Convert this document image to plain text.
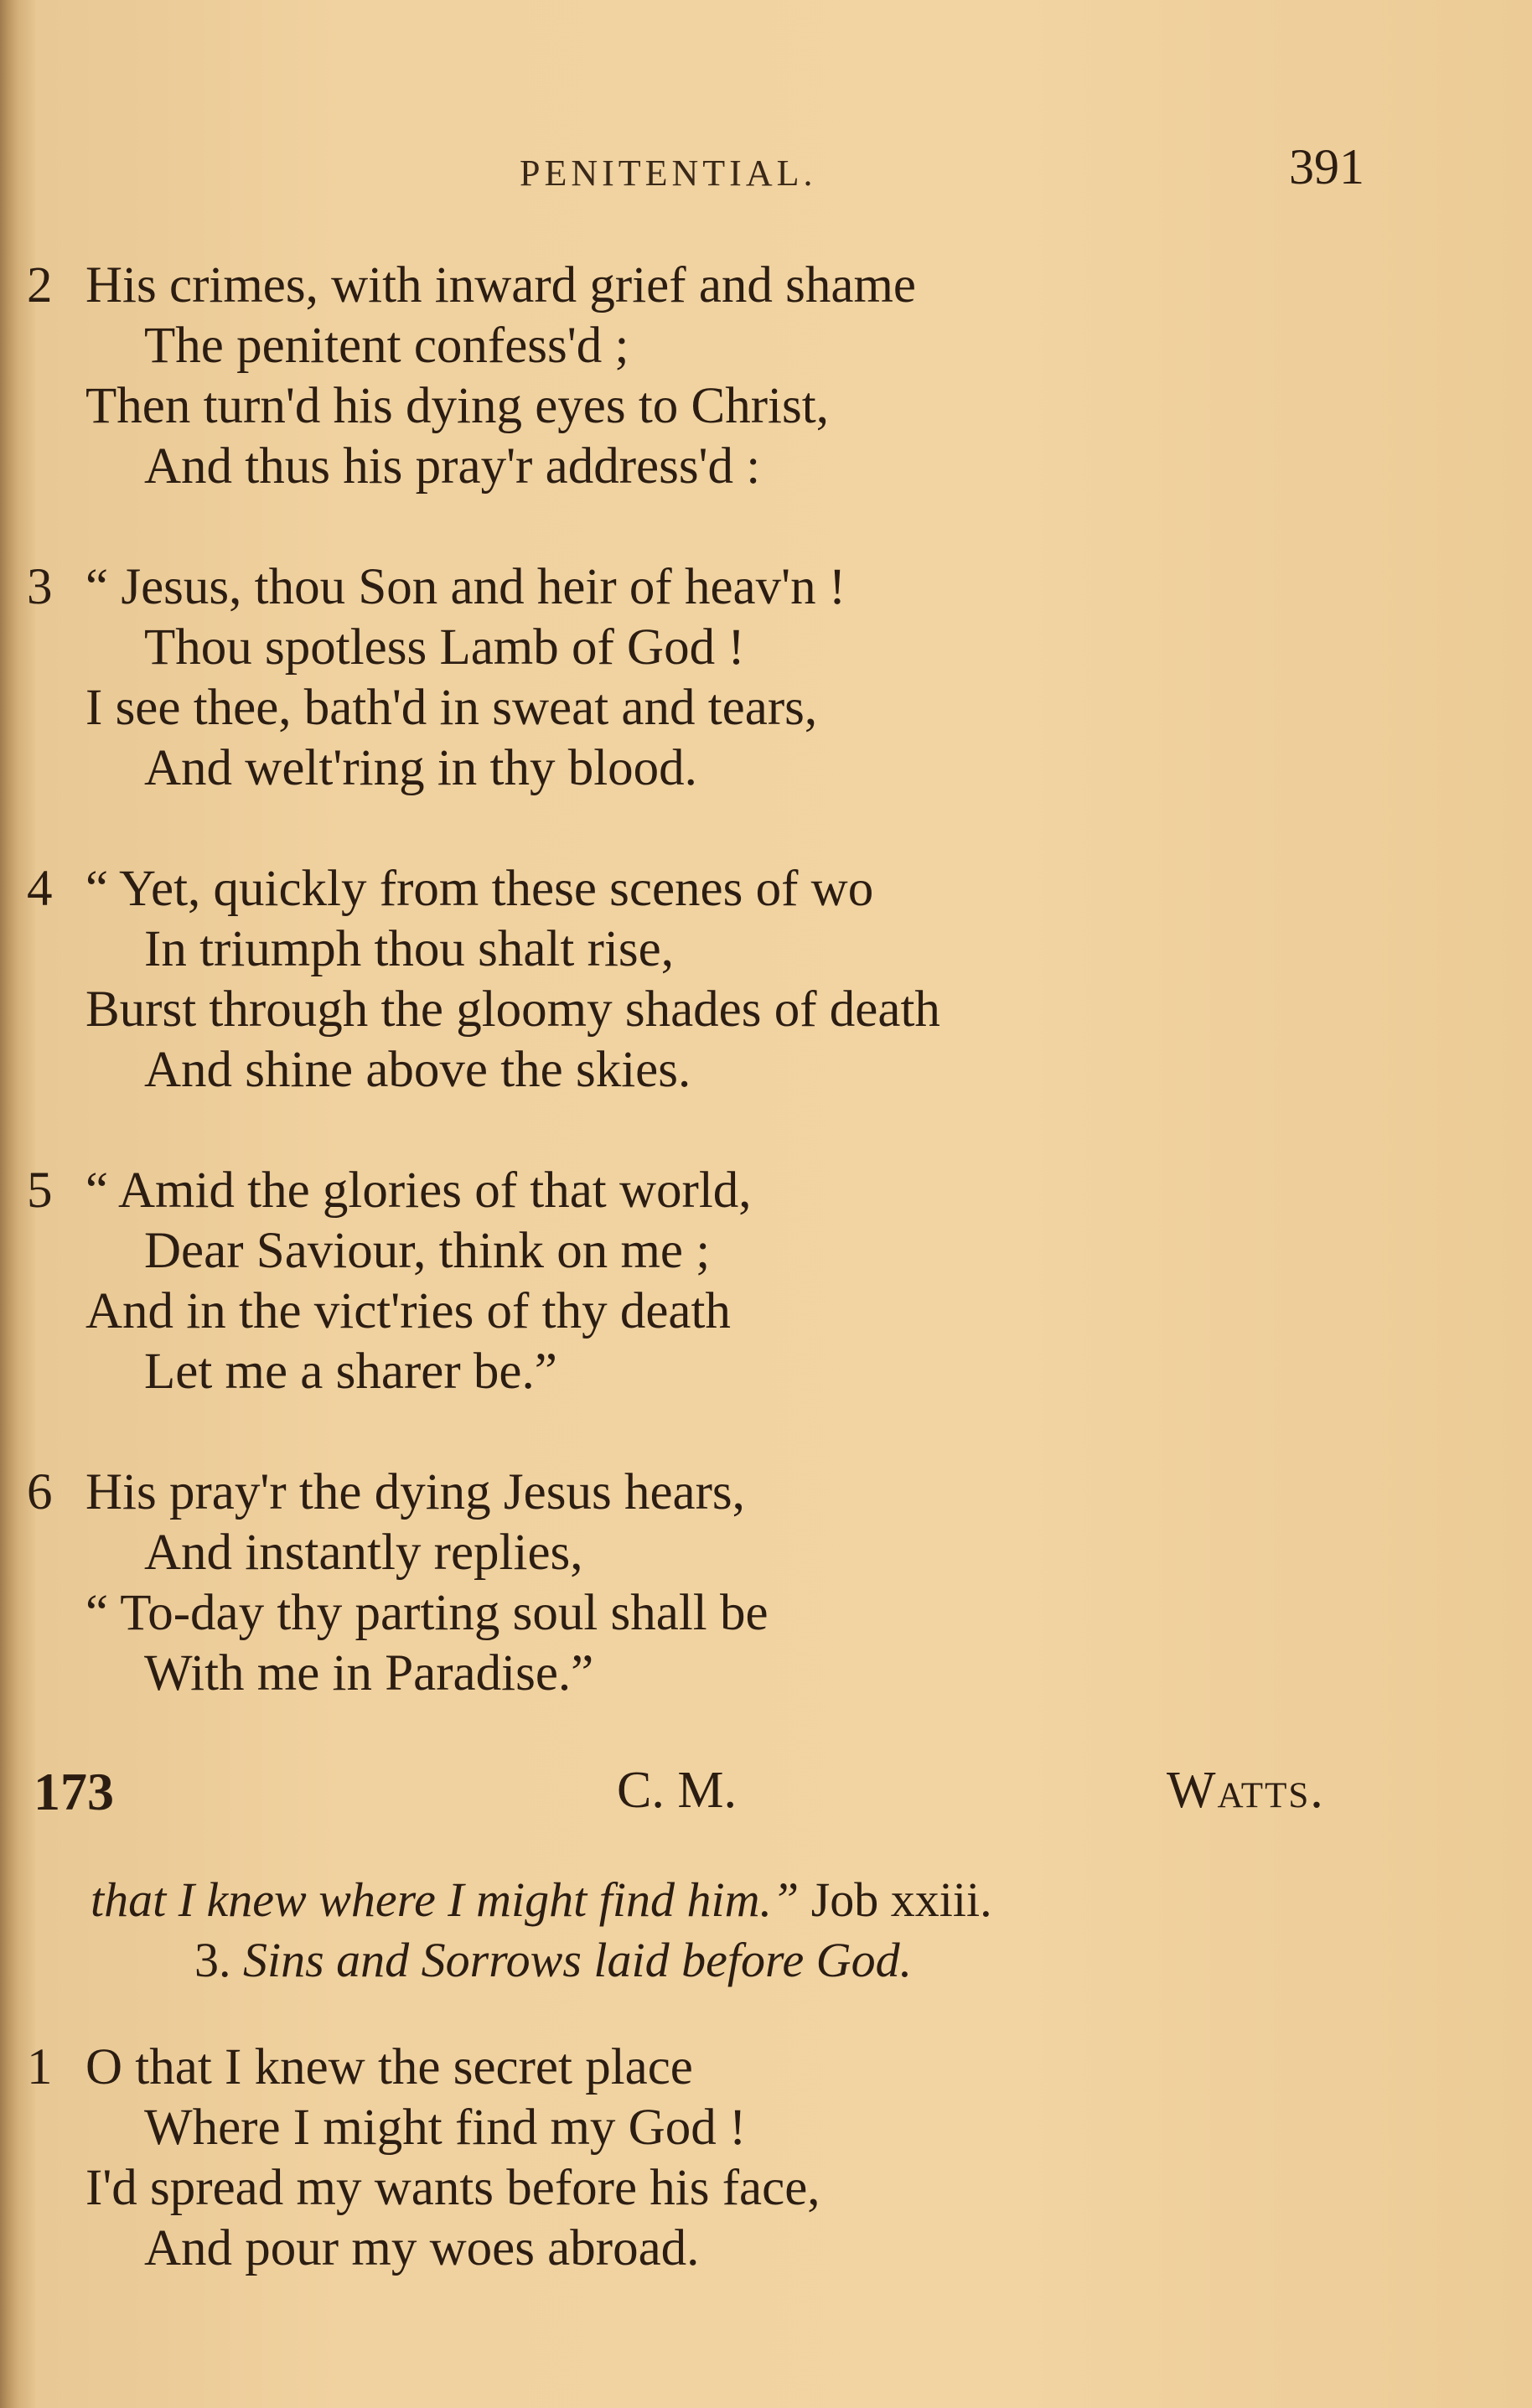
PENITENTIAL.	391
2 His crimes, with inward grief and shame
The penitent confess'd ;
Then turn'd his dying eyes to Christ,
And thus his pray'r address'd :
3 “ Jesus, thou Son and heir of heav'n !
Thou spotless Lamb of God !
I see thee, bath'd in sweat and tears,
And welt'ring in thy blood.
4 “ Yet, quickly from these scenes of wo
In triumph thou shalt rise,
Burst through the gloomy shades of death
And shine above the skies.
5 “ Amid the glories of that world,
Dear Saviour, think on me ;
And in the vict'ries of thy death
Let me a sharer be.”
6 His pray'r the dying Jesus hears,
And instantly replies,
“ To-day thy parting soul shall be
With me in Paradise.”
173	C. M.	Watts.
that I knew where I might find him.” Job xxiii.
3. Sins and Sorrows laid before God.
1 O that I knew the secret place
Where I might find my God !
I'd spread my wants before his face,
And pour my woes abroad.
